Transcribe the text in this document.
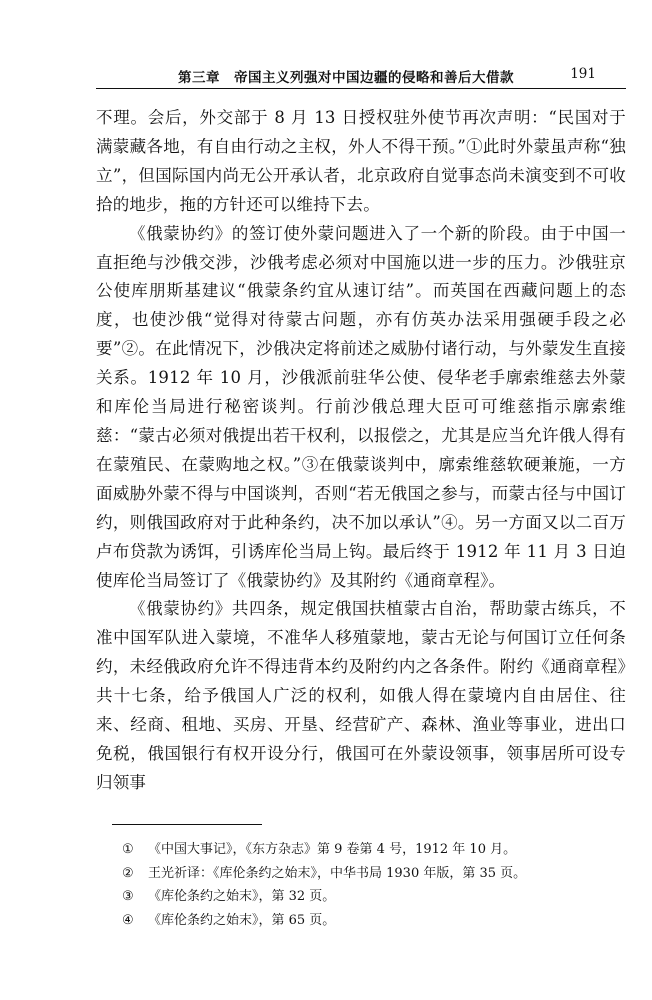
第三章　帝国主义列强对中国边疆的侵略和善后大借款	191

不理。会后，外交部于 8 月 13 日授权驻外使节再次声明：“民国对于满蒙藏各地，有自由行动之主权，外人不得干预。”①此时外蒙虽声称“独立”，但国际国内尚无公开承认者，北京政府自觉事态尚未演变到不可收拾的地步，拖的方针还可以维持下去。

《俄蒙协约》的签订使外蒙问题进入了一个新的阶段。由于中国一直拒绝与沙俄交涉，沙俄考虑必须对中国施以进一步的压力。沙俄驻京公使库朋斯基建议“俄蒙条约宜从速订结”。而英国在西藏问题上的态度，也使沙俄“觉得对待蒙古问题，亦有仿英办法采用强硬手段之必要”②。在此情况下，沙俄决定将前述之威胁付诸行动，与外蒙发生直接关系。1912 年 10 月，沙俄派前驻华公使、侵华老手廓索维慈去外蒙和库伦当局进行秘密谈判。行前沙俄总理大臣可可维慈指示廓索维慈：“蒙古必须对俄提出若干权利，以报偿之，尤其是应当允许俄人得有在蒙殖民、在蒙购地之权。”③在俄蒙谈判中，廓索维慈软硬兼施，一方面威胁外蒙不得与中国谈判，否则“若无俄国之参与，而蒙古径与中国订约，则俄国政府对于此种条约，决不加以承认”④。另一方面又以二百万卢布贷款为诱饵，引诱库伦当局上钩。最后终于 1912 年 11 月 3 日迫使库伦当局签订了《俄蒙协约》及其附约《通商章程》。

《俄蒙协约》共四条，规定俄国扶植蒙古自治，帮助蒙古练兵，不准中国军队进入蒙境，不准华人移殖蒙地，蒙古无论与何国订立任何条约，未经俄政府允许不得违背本约及附约内之各条件。附约《通商章程》共十七条，给予俄国人广泛的权利，如俄人得在蒙境内自由居住、往来、经商、租地、买房、开垦、经营矿产、森林、渔业等事业，进出口免税，俄国银行有权开设分行，俄国可在外蒙设领事，领事居所可设专归领事

①	《中国大事记》，《东方杂志》第 9 卷第 4 号，1912 年 10 月。
②	王光祈译：《库伦条约之始末》，中华书局 1930 年版，第 35 页。
③	《库伦条约之始末》，第 32 页。
④	《库伦条约之始末》，第 65 页。
